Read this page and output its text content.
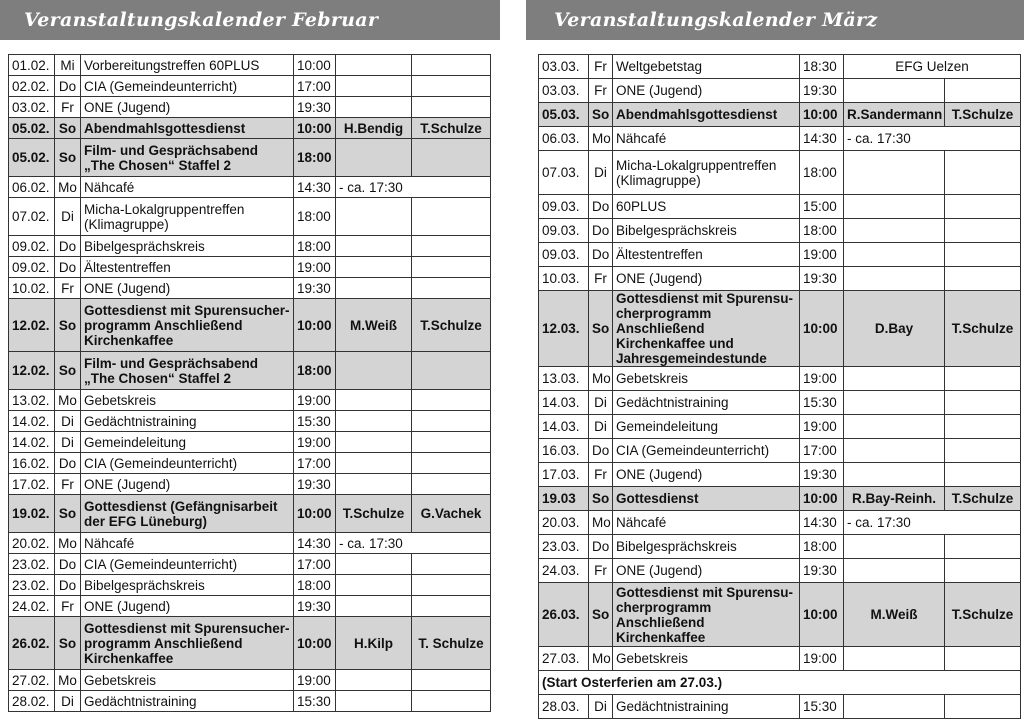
Veranstaltungskalender Februar
01.02.	Mi	Vorbereitungstreffen 60PLUS	10:00		
02.02.	Do	CIA (Gemeindeunterricht)	17:00		
03.02.	Fr	ONE (Jugend)	19:30		
05.02.	So	Abendmahlsgottesdienst	10:00	H.Bendig	T.Schulze
05.02.	So	Film- und Gesprächsabend „The Chosen“ Staffel 2	18:00		
06.02.	Mo	Nähcafé	14:30	- ca. 17:30	
07.02.	Di	Micha-Lokalgruppentreffen (Klimagruppe)	18:00		
09.02.	Do	Bibelgesprächskreis	18:00		
09.02.	Do	Ältestentreffen	19:00		
10.02.	Fr	ONE (Jugend)	19:30		
12.02.	So	Gottesdienst mit Spurensucher-programm Anschließend Kirchenkaffee	10:00	M.Weiß	T.Schulze
12.02.	So	Film- und Gesprächsabend „The Chosen“ Staffel 2	18:00		
13.02.	Mo	Gebetskreis	19:00		
14.02.	Di	Gedächtnistraining	15:30		
14.02.	Di	Gemeindeleitung	19:00		
16.02.	Do	CIA (Gemeindeunterricht)	17:00		
17.02.	Fr	ONE (Jugend)	19:30		
19.02.	So	Gottesdienst (Gefängnisarbeit der EFG Lüneburg)	10:00	T.Schulze	G.Vachek
20.02.	Mo	Nähcafé	14:30	- ca. 17:30	
23.02.	Do	CIA (Gemeindeunterricht)	17:00		
23.02.	Do	Bibelgesprächskreis	18:00		
24.02.	Fr	ONE (Jugend)	19:30		
26.02.	So	Gottesdienst mit Spurensucher-programm Anschließend Kirchenkaffee	10:00	H.Kilp	T. Schulze
27.02.	Mo	Gebetskreis	19:00		
28.02.	Di	Gedächtnistraining	15:30		
Veranstaltungskalender März
03.03.	Fr	Weltgebetstag	18:30	EFG Uelzen	
03.03.	Fr	ONE (Jugend)	19:30		
05.03.	So	Abendmahlsgottesdienst	10:00	R.Sandermann	T.Schulze
06.03.	Mo	Nähcafé	14:30	- ca. 17:30	
07.03.	Di	Micha-Lokalgruppentreffen (Klimagruppe)	18:00		
09.03.	Do	60PLUS	15:00		
09.03.	Do	Bibelgesprächskreis	18:00		
09.03.	Do	Ältestentreffen	19:00		
10.03.	Fr	ONE (Jugend)	19:30		
12.03.	So	Gottesdienst mit Spurensu-cherprogramm Anschließend Kirchenkaffee und Jahresgemeindestunde	10:00	D.Bay	T.Schulze
13.03.	Mo	Gebetskreis	19:00		
14.03.	Di	Gedächtnistraining	15:30		
14.03.	Di	Gemeindeleitung	19:00		
16.03.	Do	CIA (Gemeindeunterricht)	17:00		
17.03.	Fr	ONE (Jugend)	19:30		
19.03	So	Gottesdienst	10:00	R.Bay-Reinh.	T.Schulze
20.03.	Mo	Nähcafé	14:30	- ca. 17:30	
23.03.	Do	Bibelgesprächskreis	18:00		
24.03.	Fr	ONE (Jugend)	19:30		
26.03.	So	Gottesdienst mit Spurensu-cherprogramm Anschließend Kirchenkaffee	10:00	M.Weiß	T.Schulze
27.03.	Mo	Gebetskreis	19:00		
(Start Osterferien am 27.03.)					
28.03.	Di	Gedächtnistraining	15:30		
